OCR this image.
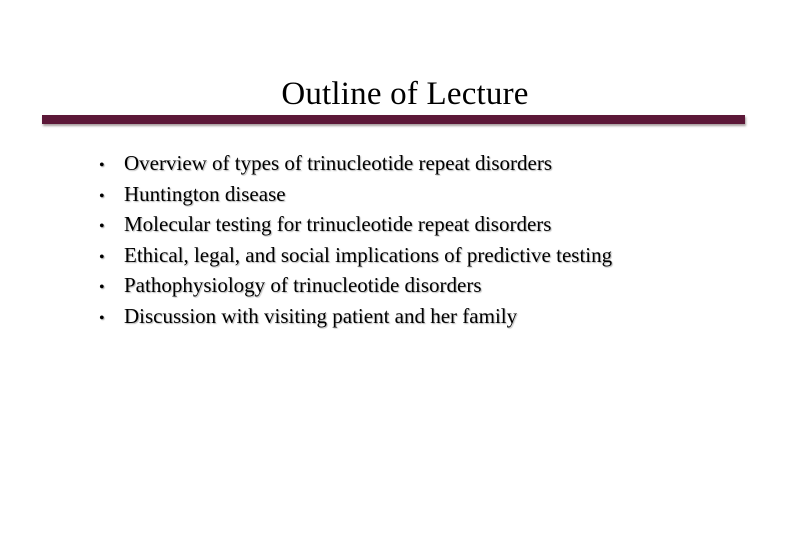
Outline of Lecture
• Overview of types of trinucleotide repeat disorders
• Huntington disease
• Molecular testing for trinucleotide repeat disorders
• Ethical, legal, and social implications of predictive testing
• Pathophysiology of trinucleotide disorders
• Discussion with visiting patient and her family
